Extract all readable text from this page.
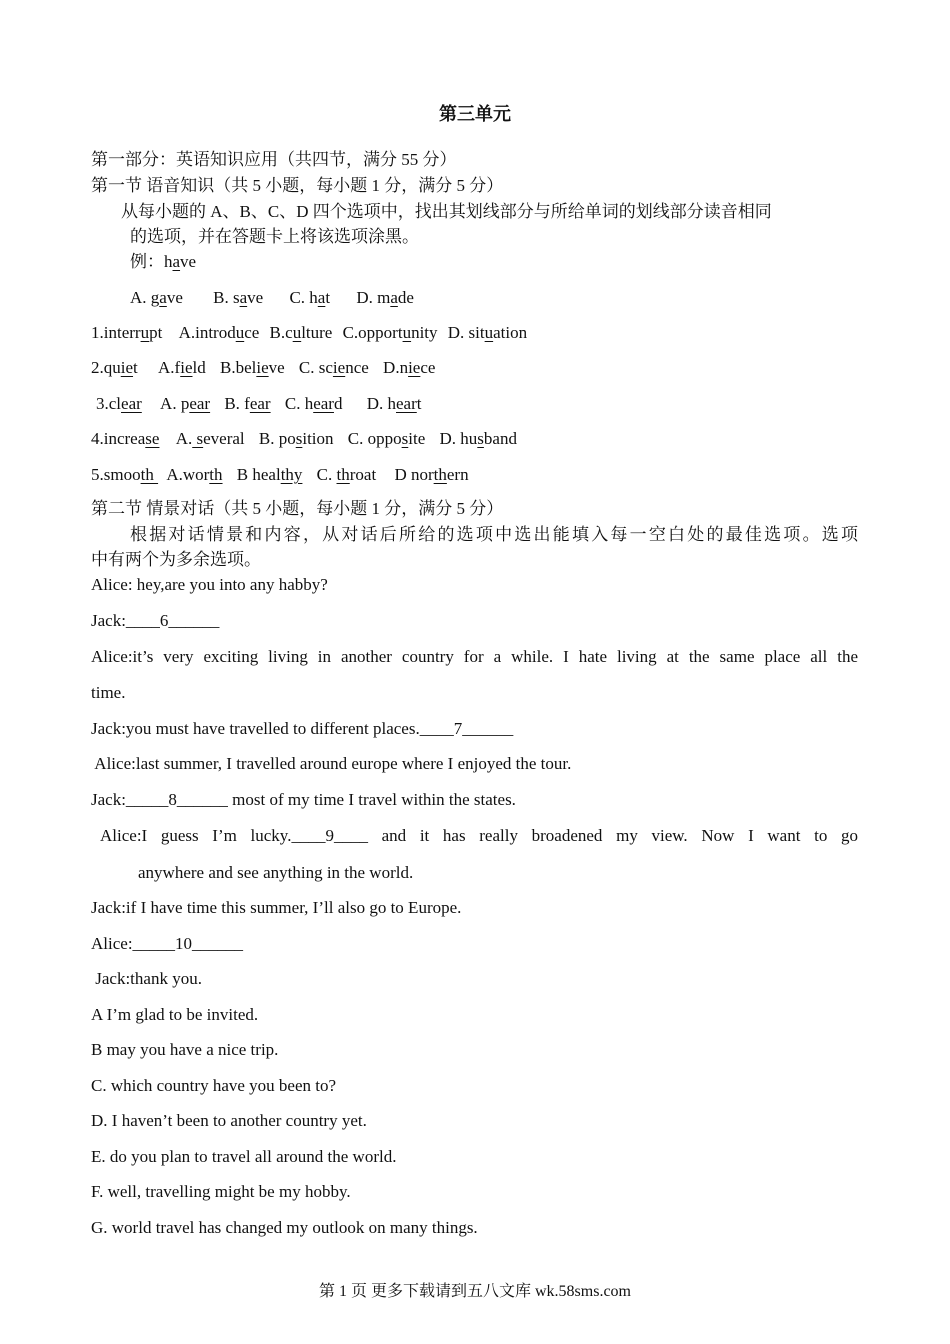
第三单元
第一部分：英语知识应用（共四节，满分 55 分）
第一节 语音知识（共 5 小题，每小题 1 分，满分 5 分）
从每小题的 A、B、C、D 四个选项中，找出其划线部分与所给单词的划线部分读音相同
的选项，并在答题卡上将该选项涂黑。
例：have
A. gave B. save C. hat D. made
1.interrupt A.introduce B.culture C.opportunity D. situation
2.quiet A.field B.believe C. science D.niece
3.clear A. pear B. fear C. heard D. heart
4.increase A. several B. position C. opposite D. husband
5.smooth  A.worth B healthy C. throat D northern
第二节 情景对话（共 5 小题，每小题 1 分，满分 5 分）
根据对话情景和内容，从对话后所给的选项中选出能填入每一空白处的最佳选项。选项
中有两个为多余选项。
Alice: hey,are you into any habby?
Jack:____6______
Alice:it’s very exciting living in another country for a while. I hate living at the same place all the
time.
Jack:you must have travelled to different places.____7______
Alice:last summer, I travelled around europe where I enjoyed the tour.
Jack:_____8______ most of my time I travel within the states.
Alice:I guess I’m lucky.____9____ and it has really broadened my view. Now I want to go
anywhere and see anything in the world.
Jack:if I have time this summer, I’ll also go to Europe.
Alice:_____10______
Jack:thank you.
A I’m glad to be invited.
B may you have a nice trip.
C. which country have you been to?
D. I haven’t been to another country yet.
E. do you plan to travel all around the world.
F. well, travelling might be my hobby.
G. world travel has changed my outlook on many things.
第 1 页 更多下载请到五八文库 wk.58sms.com
